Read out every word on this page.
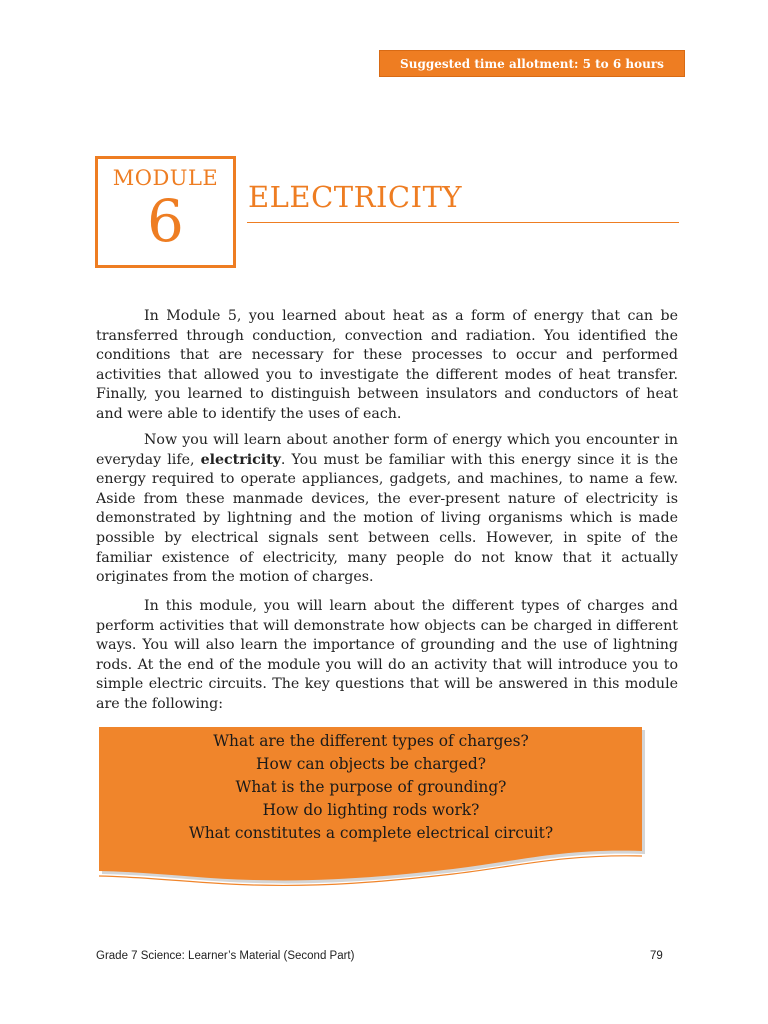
Suggested time allotment: 5 to 6 hours
MODULE
6	ELECTRICITY

In Module 5, you learned about heat as a form of energy that can be transferred through conduction, convection and radiation. You identified the conditions that are necessary for these processes to occur and performed activities that allowed you to investigate the different modes of heat transfer. Finally, you learned to distinguish between insulators and conductors of heat and were able to identify the uses of each.

Now you will learn about another form of energy which you encounter in everyday life, electricity. You must be familiar with this energy since it is the energy required to operate appliances, gadgets, and machines, to name a few. Aside from these manmade devices, the ever-present nature of electricity is demonstrated by lightning and the motion of living organisms which is made possible by electrical signals sent between cells. However, in spite of the familiar existence of electricity, many people do not know that it actually originates from the motion of charges.

In this module, you will learn about the different types of charges and perform activities that will demonstrate how objects can be charged in different ways. You will also learn the importance of grounding and the use of lightning rods. At the end of the module you will do an activity that will introduce you to simple electric circuits. The key questions that will be answered in this module are the following:

What are the different types of charges?
How can objects be charged?
What is the purpose of grounding?
How do lighting rods work?
What constitutes a complete electrical circuit?
Grade 7 Science: Learner’s Material (Second Part)	79
